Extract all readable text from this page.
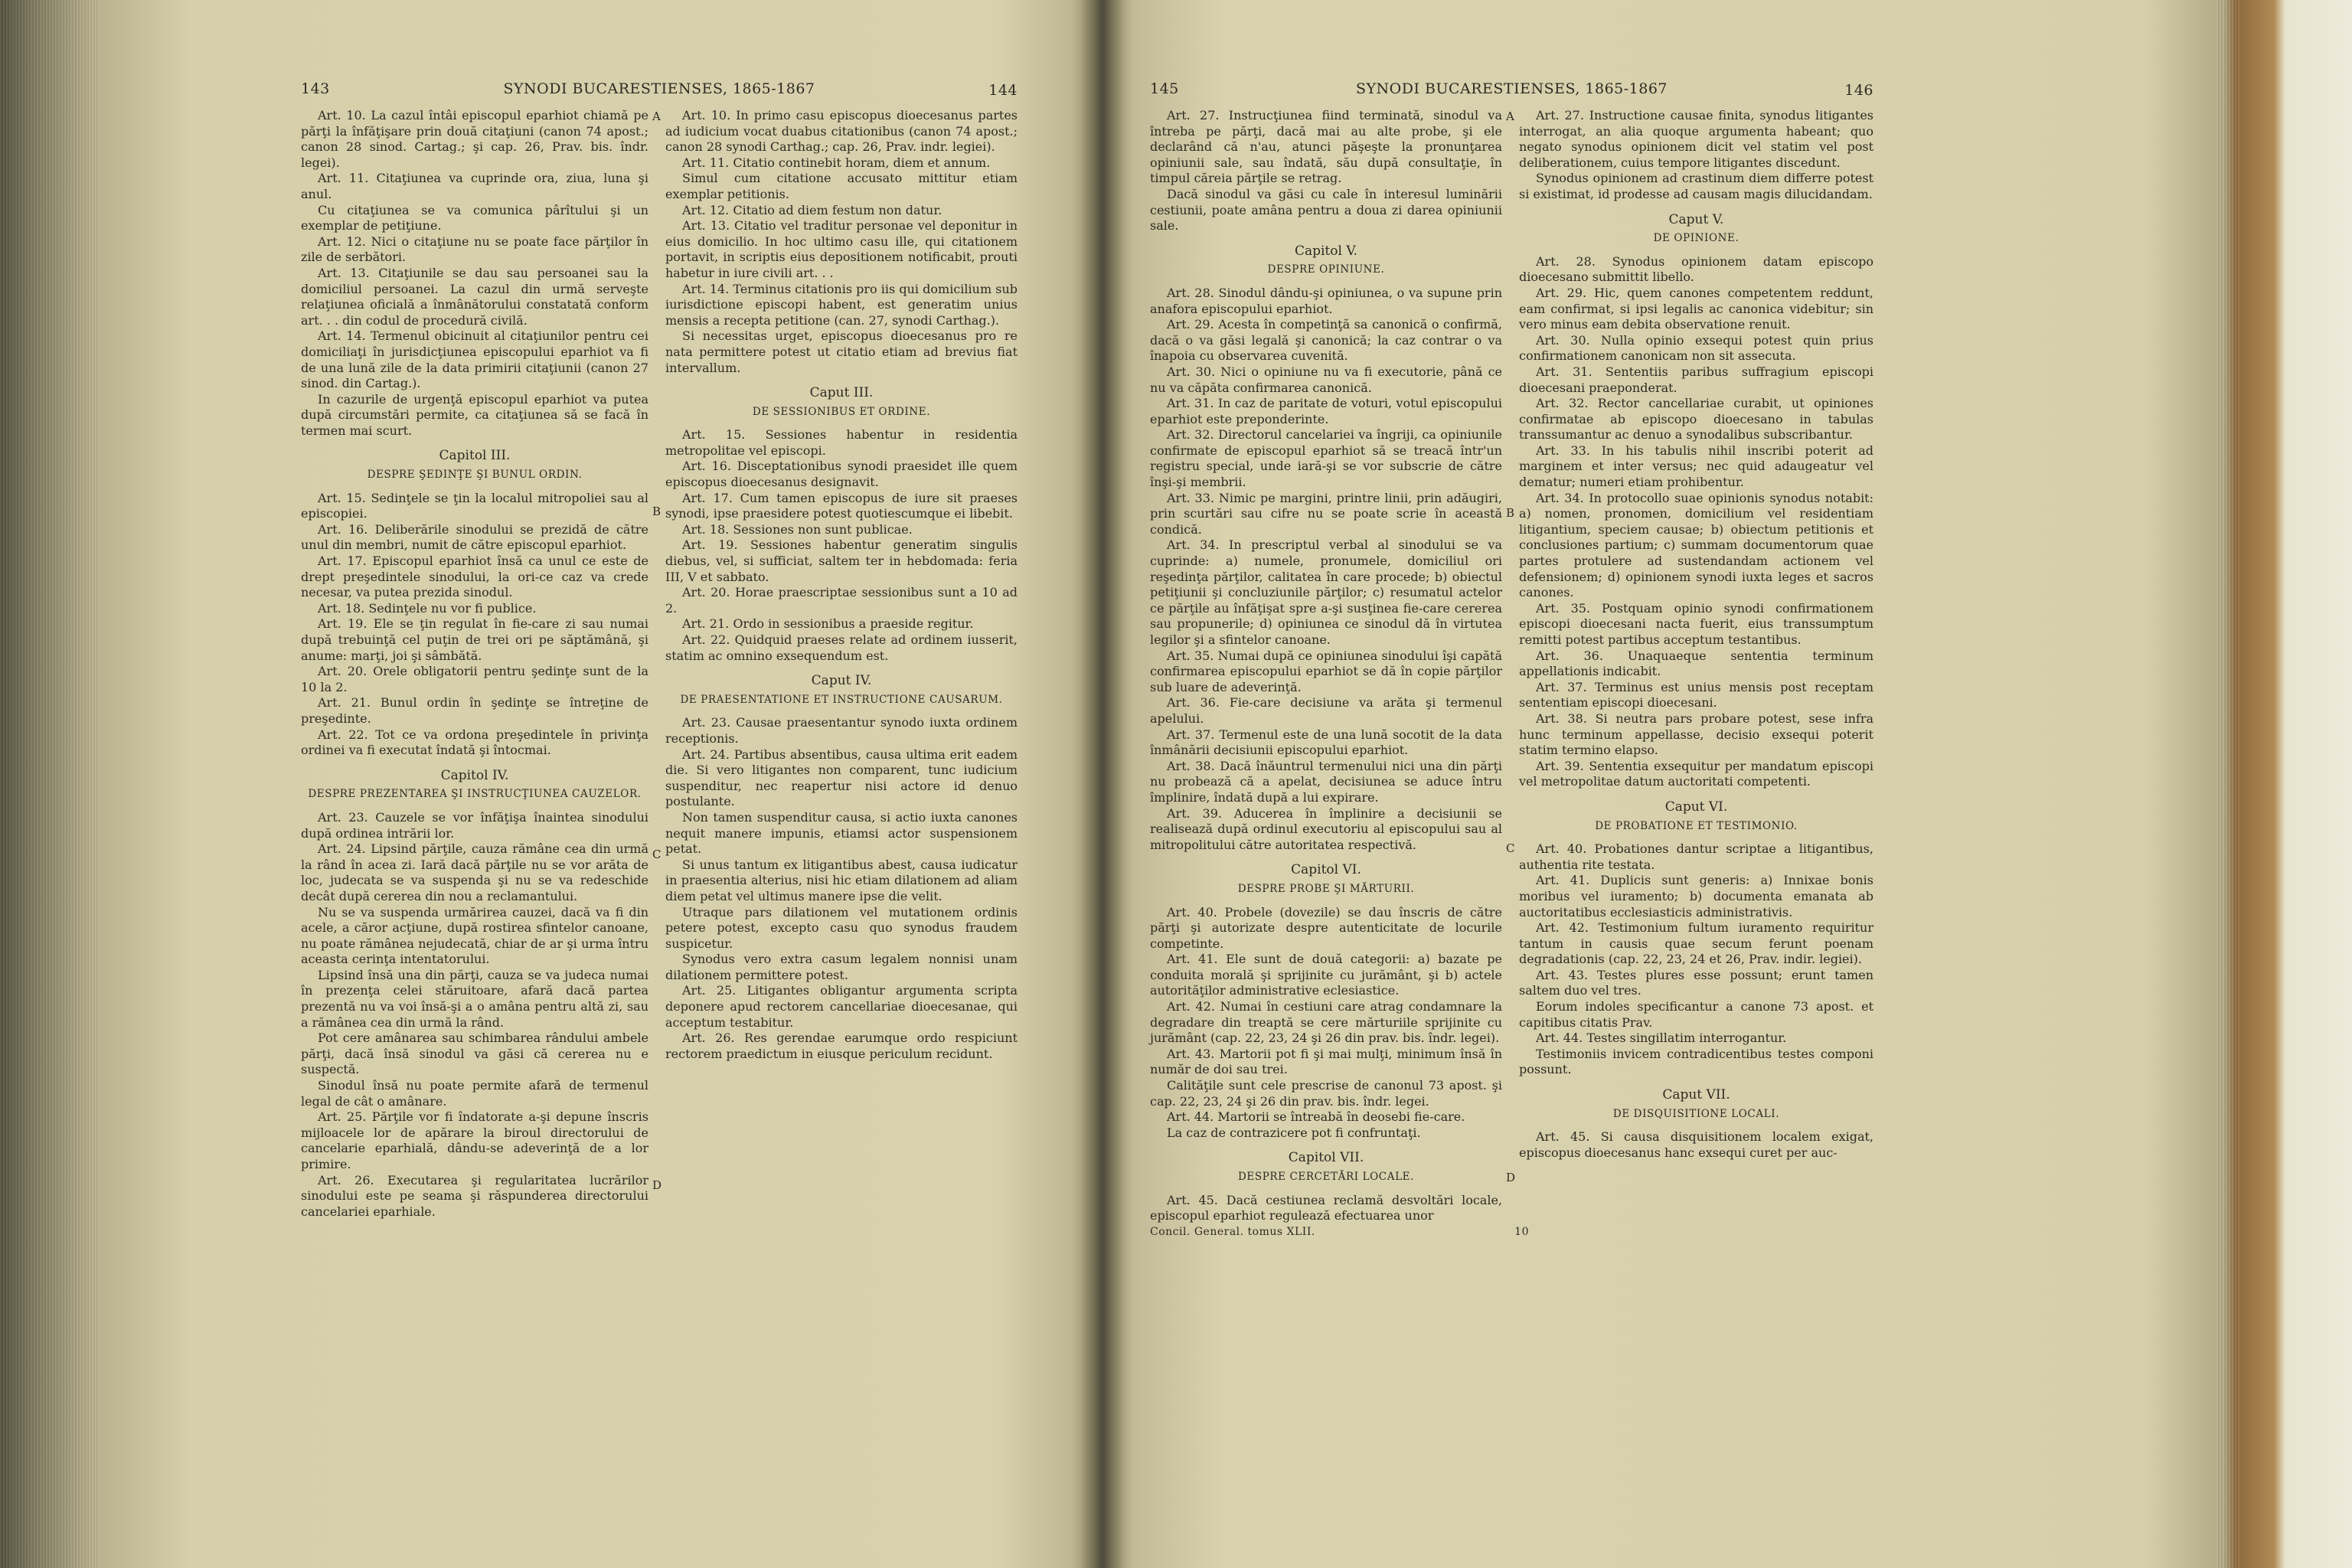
143	SYNODI BUCARESTIENSES, 1865-1867	144

Art. 10. La cazul întâi episcopul eparhiot chiamă pe părţi la înfăţişare prin două citaţiuni (canon 74 apost.; canon 28 sinod. Cartag.; şi cap. 26, Prav. bis. îndr. legei).

Art. 11. Citaţiunea va cuprinde ora, ziua, luna şi anul.

Cu citaţiunea se va comunica pârîtului şi un exemplar de petiţiune.

Art. 12. Nici o citaţiune nu se poate face părţilor în zile de serbători.

Art. 13. Citaţiunile se dau sau persoanei sau la domiciliul persoanei. La cazul din urmă serveşte relaţiunea oficială a înmânătorului constatată conform art. . . din codul de procedură civilă.

Art. 14. Termenul obicinuit al citaţiunilor pentru cei domiciliaţi în jurisdicţiunea episcopului eparhiot va fi de una lună zile de la data primirii citaţiunii (canon 27 sinod. din Cartag.).

In cazurile de urgenţă episcopul eparhiot va putea după circumstări permite, ca citaţiunea să se facă în termen mai scurt.

Capitol III.
DESPRE ŞEDINŢE ŞI BUNUL ORDIN.

Art. 15. Sedinţele se ţin la localul mitropoliei sau al episcopiei.

Art. 16. Deliberările sinodului se prezidă de către unul din membri, numit de către episcopul eparhiot.

Art. 17. Episcopul eparhiot însă ca unul ce este de drept preşedintele sinodului, la ori-ce caz va crede necesar, va putea prezida sinodul.

Art. 18. Sedinţele nu vor fi publice.

Art. 19. Ele se ţin regulat în fie-care zi sau numai după trebuinţă cel puţin de trei ori pe săptămână, şi anume: marţi, joi şi sâmbătă.

Art. 20. Orele obligatorii pentru şedinţe sunt de la 10 la 2.

Art. 21. Bunul ordin în şedinţe se întreţine de preşedinte.

Art. 22. Tot ce va ordona preşedintele în privinţa ordinei va fi executat îndată şi întocmai.

Capitol IV.
DESPRE PREZENTAREA ŞI INSTRUCŢIUNEA CAUZELOR.

Art. 23. Cauzele se vor înfăţişa înaintea sinodului după ordinea intrării lor.

Art. 24. Lipsind părţile, cauza rămâne cea din urmă la rând în acea zi. Iară dacă părţile nu se vor arăta de loc, judecata se va suspenda şi nu se va redeschide decât după cererea din nou a reclamantului.

Nu se va suspenda urmărirea cauzei, dacă va fi din acele, a căror acţiune, după rostirea sfintelor canoane, nu poate rămânea nejudecată, chiar de ar şi urma întru aceasta cerinţa intentatorului.

Lipsind însă una din părţi, cauza se va judeca numai în prezenţa celei stăruitoare, afară dacă partea prezentă nu va voi însă-şi a o amâna pentru altă zi, sau a rămânea cea din urmă la rând.

Pot cere amânarea sau schimbarea rândului ambele părţi, dacă însă sinodul va găsi că cererea nu e suspectă.

Sinodul însă nu poate permite afară de termenul legal de cât o amânare.

Art. 25. Părţile vor fi îndatorate a-şi depune înscris mijloacele lor de apărare la biroul directorului de cancelarie eparhială, dându-se adeverinţă de a lor primire.

Art. 26. Executarea şi regularitatea lucrărilor sinodului este pe seama şi răspunderea directorului cancelariei eparhiale.

A
B
C
D

Art. 10. In primo casu episcopus dioecesanus partes ad iudicium vocat duabus citationibus (canon 74 apost.; canon 28 synodi Carthag.; cap. 26, Prav. indr. legiei).

Art. 11. Citatio continebit horam, diem et annum.

Simul cum citatione accusato mittitur etiam exemplar petitionis.

Art. 12. Citatio ad diem festum non datur.

Art. 13. Citatio vel traditur personae vel deponitur in eius domicilio. In hoc ultimo casu ille, qui citationem portavit, in scriptis eius depositionem notificabit, prouti habetur in iure civili art. . .

Art. 14. Terminus citationis pro iis qui domicilium sub iurisdictione episcopi habent, est generatim unius mensis a recepta petitione (can. 27, synodi Carthag.).

Si necessitas urget, episcopus dioecesanus pro re nata permittere potest ut citatio etiam ad brevius fiat intervallum.

Caput III.
DE SESSIONIBUS ET ORDINE.

Art. 15. Sessiones habentur in residentia metropolitae vel episcopi.

Art. 16. Disceptationibus synodi praesidet ille quem episcopus dioecesanus designavit.

Art. 17. Cum tamen episcopus de iure sit praeses synodi, ipse praesidere potest quotiescumque ei libebit.

Art. 18. Sessiones non sunt publicae.

Art. 19. Sessiones habentur generatim singulis diebus, vel, si sufficiat, saltem ter in hebdomada: feria III, V et sabbato.

Art. 20. Horae praescriptae sessionibus sunt a 10 ad 2.

Art. 21. Ordo in sessionibus a praeside regitur.

Art. 22. Quidquid praeses relate ad ordinem iusserit, statim ac omnino exsequendum est.

Caput IV.
DE PRAESENTATIONE ET INSTRUCTIONE CAUSARUM.

Art. 23. Causae praesentantur synodo iuxta ordinem receptionis.

Art. 24. Partibus absentibus, causa ultima erit eadem die. Si vero litigantes non comparent, tunc iudicium suspenditur, nec reapertur nisi actore id denuo postulante.

Non tamen suspenditur causa, si actio iuxta canones nequit manere impunis, etiamsi actor suspensionem petat.

Si unus tantum ex litigantibus abest, causa iudicatur in praesentia alterius, nisi hic etiam dilationem ad aliam diem petat vel ultimus manere ipse die velit.

Utraque pars dilationem vel mutationem ordinis petere potest, excepto casu quo synodus fraudem suspicetur.

Synodus vero extra casum legalem nonnisi unam dilationem permittere potest.

Art. 25. Litigantes obligantur argumenta scripta deponere apud rectorem cancellariae dioecesanae, qui acceptum testabitur.

Art. 26. Res gerendae earumque ordo respiciunt rectorem praedictum in eiusque periculum recidunt.

145	SYNODI BUCARESTIENSES, 1865-1867	146

Art. 27. Instrucţiunea fiind terminată, sinodul va întreba pe părţi, dacă mai au alte probe, şi ele declarând că n'au, atunci păşeşte la pronunţarea opiniunii sale, sau îndată, său după consultaţie, în timpul căreia părţile se retrag.

Dacă sinodul va găsi cu cale în interesul luminării cestiunii, poate amâna pentru a doua zi darea opiniunii sale.

Capitol V.
DESPRE OPINIUNE.

Art. 28. Sinodul dându-şi opiniunea, o va supune prin anafora episcopului eparhiot.

Art. 29. Acesta în competinţă sa canonică o confirmă, dacă o va găsi legală şi canonică; la caz contrar o va înapoia cu observarea cuvenită.

Art. 30. Nici o opiniune nu va fi executorie, până ce nu va căpăta confirmarea canonică.

Art. 31. In caz de paritate de voturi, votul episcopului eparhiot este preponderinte.

Art. 32. Directorul cancelariei va îngriji, ca opiniunile confirmate de episcopul eparhiot să se treacă într'un registru special, unde iară-şi se vor subscrie de către înşi-şi membrii.

Art. 33. Nimic pe margini, printre linii, prin adăugiri, prin scurtări sau cifre nu se poate scrie în această condică.

Art. 34. In prescriptul verbal al sinodului se va cuprinde: a) numele, pronumele, domiciliul ori reşedinţa părţilor, calitatea în care procede; b) obiectul petiţiunii şi concluziunile părţilor; c) resumatul actelor ce părţile au înfăţişat spre a-şi susţinea fie-care cererea sau propunerile; d) opiniunea ce sinodul dă în virtutea legilor şi a sfintelor canoane.

Art. 35. Numai după ce opiniunea sinodului îşi capătă confirmarea episcopului eparhiot se dă în copie părţilor sub luare de adeverinţă.

Art. 36. Fie-care decisiune va arăta şi termenul apelului.

Art. 37. Termenul este de una lună socotit de la data înmânării decisiunii episcopului eparhiot.

Art. 38. Dacă înăuntrul termenului nici una din părţi nu probează că a apelat, decisiunea se aduce întru împlinire, îndată după a lui expirare.

Art. 39. Aducerea în împlinire a decisiunii se realisează după ordinul executoriu al episcopului sau al mitropolitului către autoritatea respectivă.

Capitol VI.
DESPRE PROBE ŞI MĂRTURII.

Art. 40. Probele (dovezile) se dau înscris de către părţi şi autorizate despre autenticitate de locurile competinte.

Art. 41. Ele sunt de două categorii: a) bazate pe conduita morală şi sprijinite cu jurământ, şi b) actele autorităţilor administrative eclesiastice.

Art. 42. Numai în cestiuni care atrag condamnare la degradare din treaptă se cere mărturiile sprijinite cu jurământ (cap. 22, 23, 24 şi 26 din prav. bis. îndr. legei).

Art. 43. Martorii pot fi şi mai mulţi, minimum însă în număr de doi sau trei.

Calităţile sunt cele prescrise de canonul 73 apost. şi cap. 22, 23, 24 şi 26 din prav. bis. îndr. legei.

Art. 44. Martorii se întreabă în deosebi fie-care.

La caz de contrazicere pot fi confruntaţi.

Capitol VII.
DESPRE CERCETĂRI LOCALE.

Art. 45. Dacă cestiunea reclamă desvoltări locale, episcopul eparhiot regulează efectuarea unor

A
B
C
D

Art. 27. Instructione causae finita, synodus litigantes interrogat, an alia quoque argumenta habeant; quo negato synodus opinionem dicit vel statim vel post deliberationem, cuius tempore litigantes discedunt.

Synodus opinionem ad crastinum diem differre potest si existimat, id prodesse ad causam magis dilucidandam.

Caput V.
DE OPINIONE.

Art. 28. Synodus opinionem datam episcopo dioecesano submittit libello.

Art. 29. Hic, quem canones competentem reddunt, eam confirmat, si ipsi legalis ac canonica videbitur; sin vero minus eam debita observatione renuit.

Art. 30. Nulla opinio exsequi potest quin prius confirmationem canonicam non sit assecuta.

Art. 31. Sententiis paribus suffragium episcopi dioecesani praeponderat.

Art. 32. Rector cancellariae curabit, ut opiniones confirmatae ab episcopo dioecesano in tabulas transsumantur ac denuo a synodalibus subscribantur.

Art. 33. In his tabulis nihil inscribi poterit ad marginem et inter versus; nec quid adaugeatur vel dematur; numeri etiam prohibentur.

Art. 34. In protocollo suae opinionis synodus notabit: a) nomen, pronomen, domicilium vel residentiam litigantium, speciem causae; b) obiectum petitionis et conclusiones partium; c) summam documentorum quae partes protulere ad sustendandam actionem vel defensionem; d) opinionem synodi iuxta leges et sacros canones.

Art. 35. Postquam opinio synodi confirmationem episcopi dioecesani nacta fuerit, eius transsumptum remitti potest partibus acceptum testantibus.

Art. 36. Unaquaeque sententia terminum appellationis indicabit.

Art. 37. Terminus est unius mensis post receptam sententiam episcopi dioecesani.

Art. 38. Si neutra pars probare potest, sese infra hunc terminum appellasse, decisio exsequi poterit statim termino elapso.

Art. 39. Sententia exsequitur per mandatum episcopi vel metropolitae datum auctoritati competenti.

Caput VI.
DE PROBATIONE ET TESTIMONIO.

Art. 40. Probationes dantur scriptae a litigantibus, authentia rite testata.

Art. 41. Duplicis sunt generis: a) Innixae bonis moribus vel iuramento; b) documenta emanata ab auctoritatibus ecclesiasticis administrativis.

Art. 42. Testimonium fultum iuramento requiritur tantum in causis quae secum ferunt poenam degradationis (cap. 22, 23, 24 et 26, Prav. indir. legiei).

Art. 43. Testes plures esse possunt; erunt tamen saltem duo vel tres.

Eorum indoles specificantur a canone 73 apost. et capitibus citatis Prav.

Art. 44. Testes singillatim interrogantur.

Testimoniis invicem contradicentibus testes componi possunt.

Caput VII.
DE DISQUISITIONE LOCALI.

Art. 45. Si causa disquisitionem localem exigat, episcopus dioecesanus hanc exsequi curet per auc-

Concil. General. tomus XLII.	10
